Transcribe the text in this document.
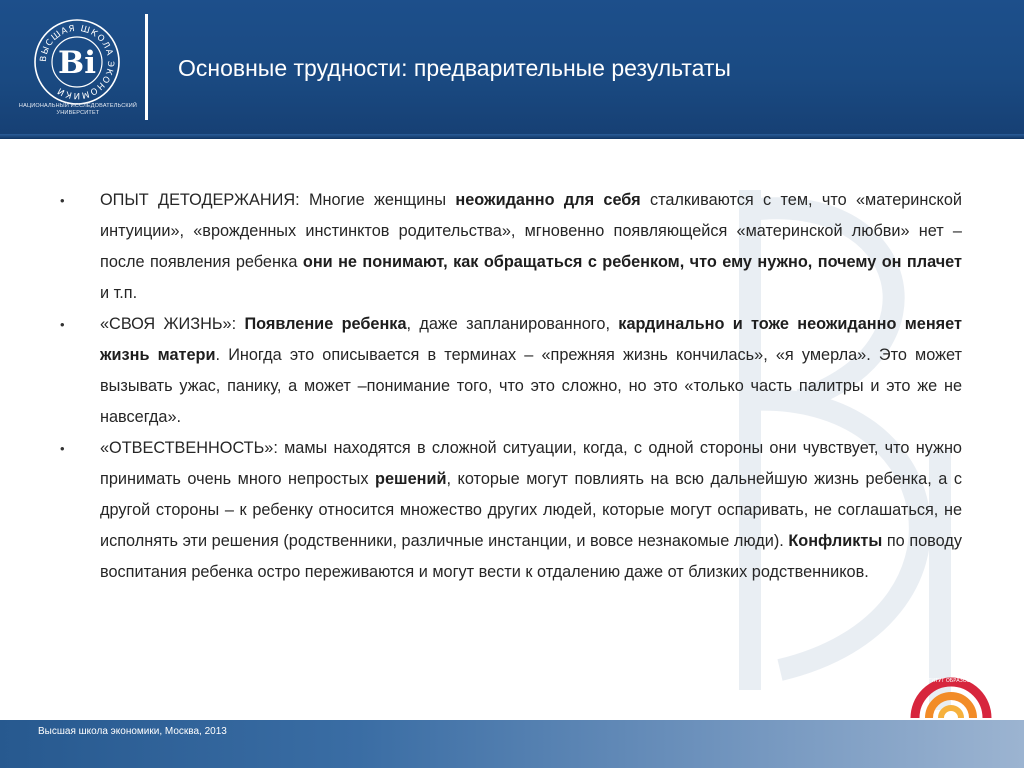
ВЫСШАЯ ШКОЛА ЭКОНОМИКИ
Ві
НАЦИОНАЛЬНЫЙ ИССЛЕДОВАТЕЛЬСКИЙ УНИВЕРСИТЕТ
Основные трудности: предварительные результаты
• ОПЫТ ДЕТОДЕРЖАНИЯ: Многие женщины неожиданно для себя сталкиваются с тем, что «материнской интуиции», «врожденных инстинктов родительства», мгновенно появляющейся «материнской любви» нет – после появления ребенка они не понимают, как обращаться с ребенком, что ему нужно, почему он плачет и т.п.
• «СВОЯ ЖИЗНЬ»: Появление ребенка, даже запланированного, кардинально и тоже неожиданно меняет жизнь матери. Иногда это описывается в терминах – «прежняя жизнь кончилась», «я умерла». Это может вызывать ужас, панику, а может –понимание того, что это сложно, но это «только часть палитры и это же не навсегда».
• «ОТВЕСТВЕННОСТЬ»: мамы находятся в сложной ситуации, когда, с одной стороны они чувствует, что нужно принимать очень много непростых решений, которые могут повлиять на всю дальнейшую жизнь ребенка, а с другой стороны – к ребенку относится множество других людей, которые могут оспаривать, не соглашаться, не исполнять эти решения (родственники, различные инстанции, и вовсе незнакомые люди). Конфликты по поводу воспитания ребенка остро переживаются и могут вести к отдалению даже от близких родственников.
ИНСТИТУТ ОБРАЗОВАНИЯ
Высшая школа экономики, Москва, 2013
